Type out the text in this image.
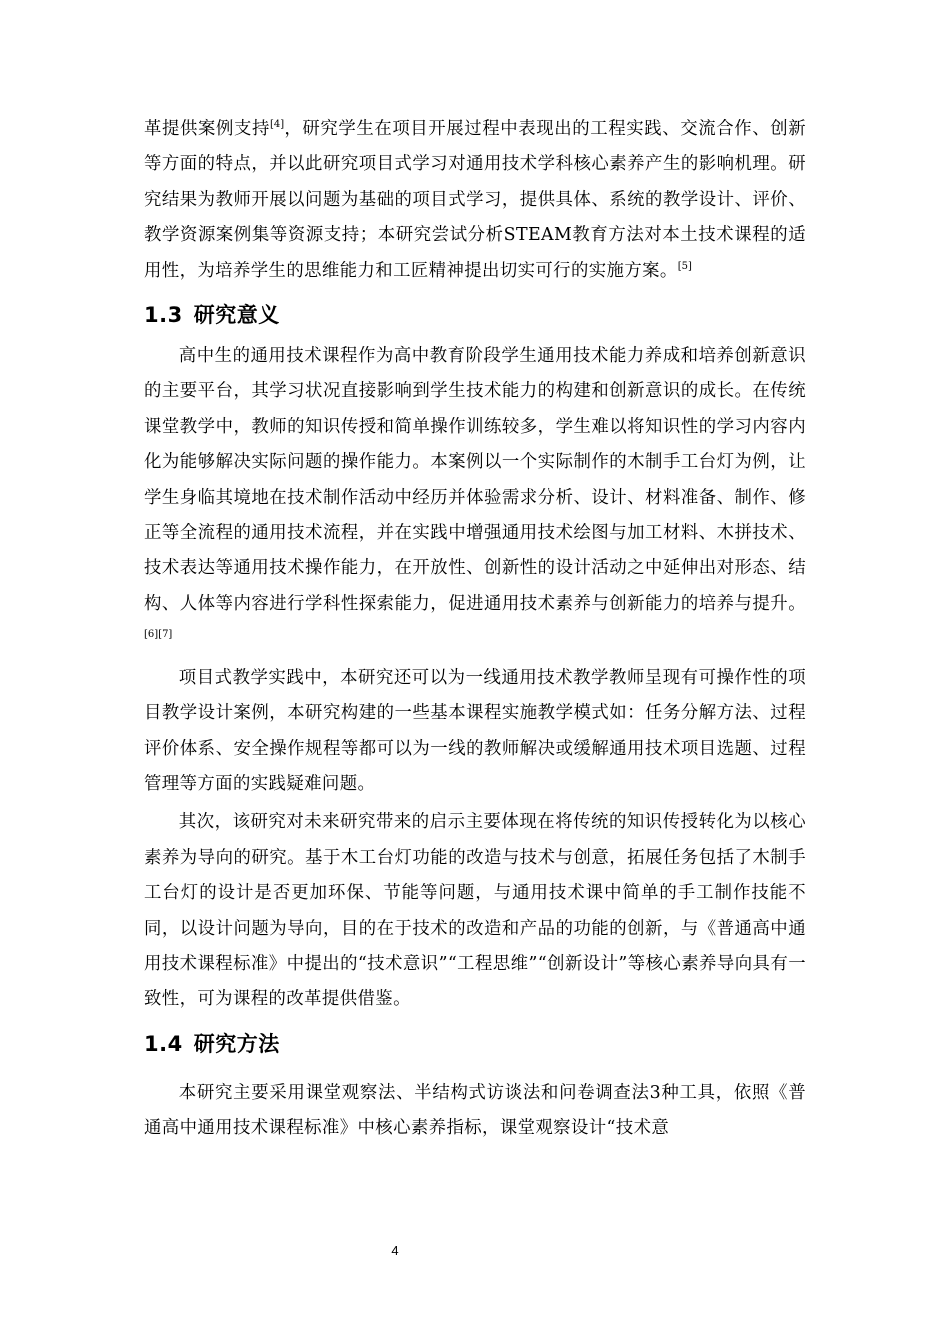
革提供案例支持[4]，研究学生在项目开展过程中表现出的工程实践、交流合作、创新等方面的特点，并以此研究项目式学习对通用技术学科核心素养产生的影响机理。研究结果为教师开展以问题为基础的项目式学习，提供具体、系统的教学设计、评价、教学资源案例集等资源支持；本研究尝试分析STEAM教育方法对本土技术课程的适用性，为培养学生的思维能力和工匠精神提出切实可行的实施方案。[5]

1.3 研究意义

高中生的通用技术课程作为高中教育阶段学生通用技术能力养成和培养创新意识的主要平台，其学习状况直接影响到学生技术能力的构建和创新意识的成长。在传统课堂教学中，教师的知识传授和简单操作训练较多，学生难以将知识性的学习内容内化为能够解决实际问题的操作能力。本案例以一个实际制作的木制手工台灯为例，让学生身临其境地在技术制作活动中经历并体验需求分析、设计、材料准备、制作、修正等全流程的通用技术流程，并在实践中增强通用技术绘图与加工材料、木拼技术、技术表达等通用技术操作能力，在开放性、创新性的设计活动之中延伸出对形态、结构、人体等内容进行学科性探索能力，促进通用技术素养与创新能力的培养与提升。[6][7]

项目式教学实践中，本研究还可以为一线通用技术教学教师呈现有可操作性的项目教学设计案例，本研究构建的一些基本课程实施教学模式如：任务分解方法、过程评价体系、安全操作规程等都可以为一线的教师解决或缓解通用技术项目选题、过程管理等方面的实践疑难问题。

其次，该研究对未来研究带来的启示主要体现在将传统的知识传授转化为以核心素养为导向的研究。基于木工台灯功能的改造与技术与创意，拓展任务包括了木制手工台灯的设计是否更加环保、节能等问题，与通用技术课中简单的手工制作技能不同，以设计问题为导向，目的在于技术的改造和产品的功能的创新，与《普通高中通用技术课程标准》中提出的“技术意识”“工程思维”“创新设计”等核心素养导向具有一致性，可为课程的改革提供借鉴。

1.4 研究方法

本研究主要采用课堂观察法、半结构式访谈法和问卷调查法3种工具，依照《普通高中通用技术课程标准》中核心素养指标，课堂观察设计“技术意

4
